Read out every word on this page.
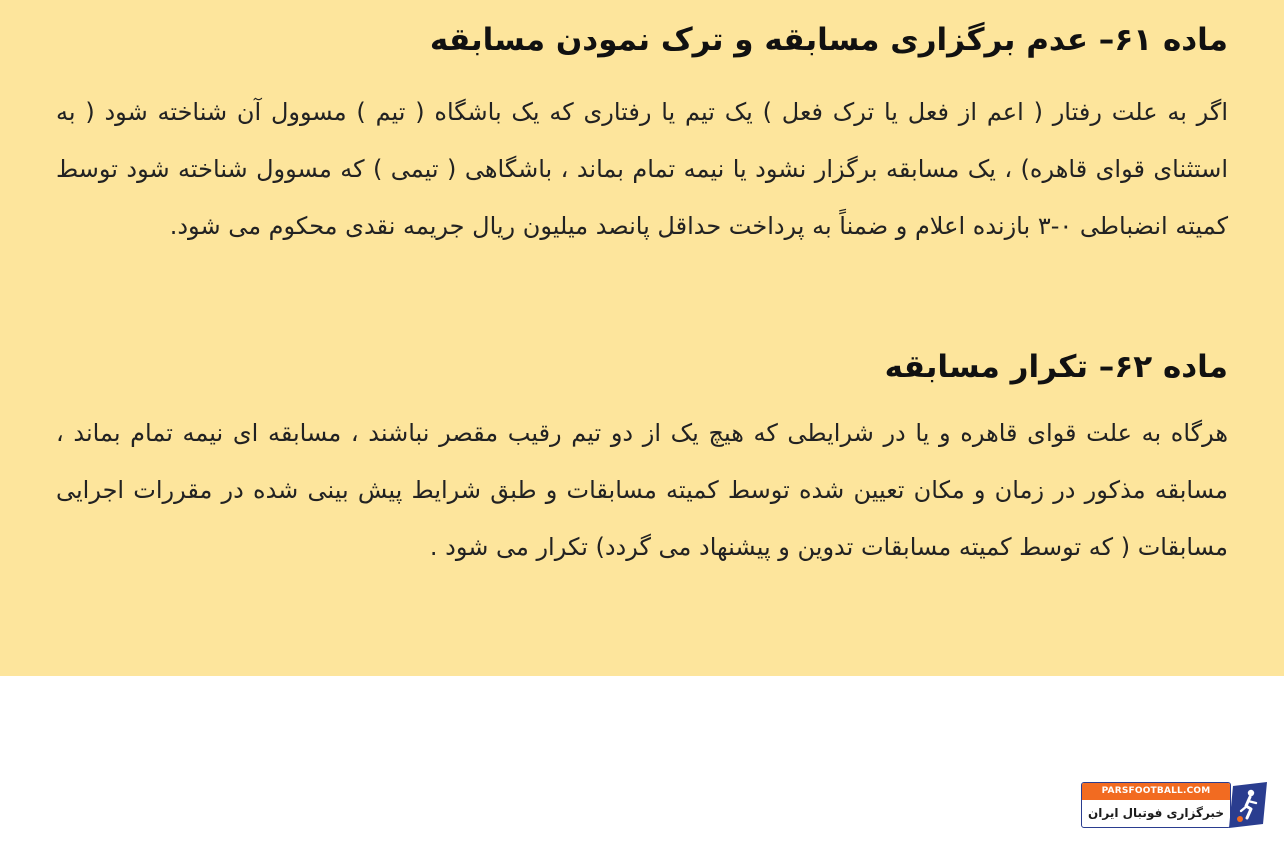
ماده ۶۱– عدم برگزاری مسابقه و ترک نمودن مسابقه

اگر به علت رفتار ( اعم از فعل یا ترک فعل ) یک تیم یا رفتاری که یک باشگاه ( تیم ) مسوول آن شناخته شود ( به استثنای قوای قاهره) ، یک مسابقه برگزار نشود یا نیمه تمام بماند ، باشگاهی ( تیمی ) که مسوول شناخته شود توسط کمیته انضباطی ۰-۳ بازنده اعلام و ضمناً به پرداخت حداقل پانصد میلیون ریال جریمه نقدی محکوم می شود.

ماده ۶۲– تکرار مسابقه

هرگاه به علت قوای قاهره و یا در شرایطی که هیچ یک از دو تیم رقیب مقصر نباشند ، مسابقه ای نیمه تمام بماند ، مسابقه مذکور در زمان و مکان تعیین شده توسط کمیته مسابقات و طبق شرایط پیش بینی شده در مقررات اجرایی مسابقات ( که توسط کمیته مسابقات تدوین و پیشنهاد می گردد) تکرار می شود .

PARSFOOTBALL.COM
خبرگزاری فوتبال ایران
